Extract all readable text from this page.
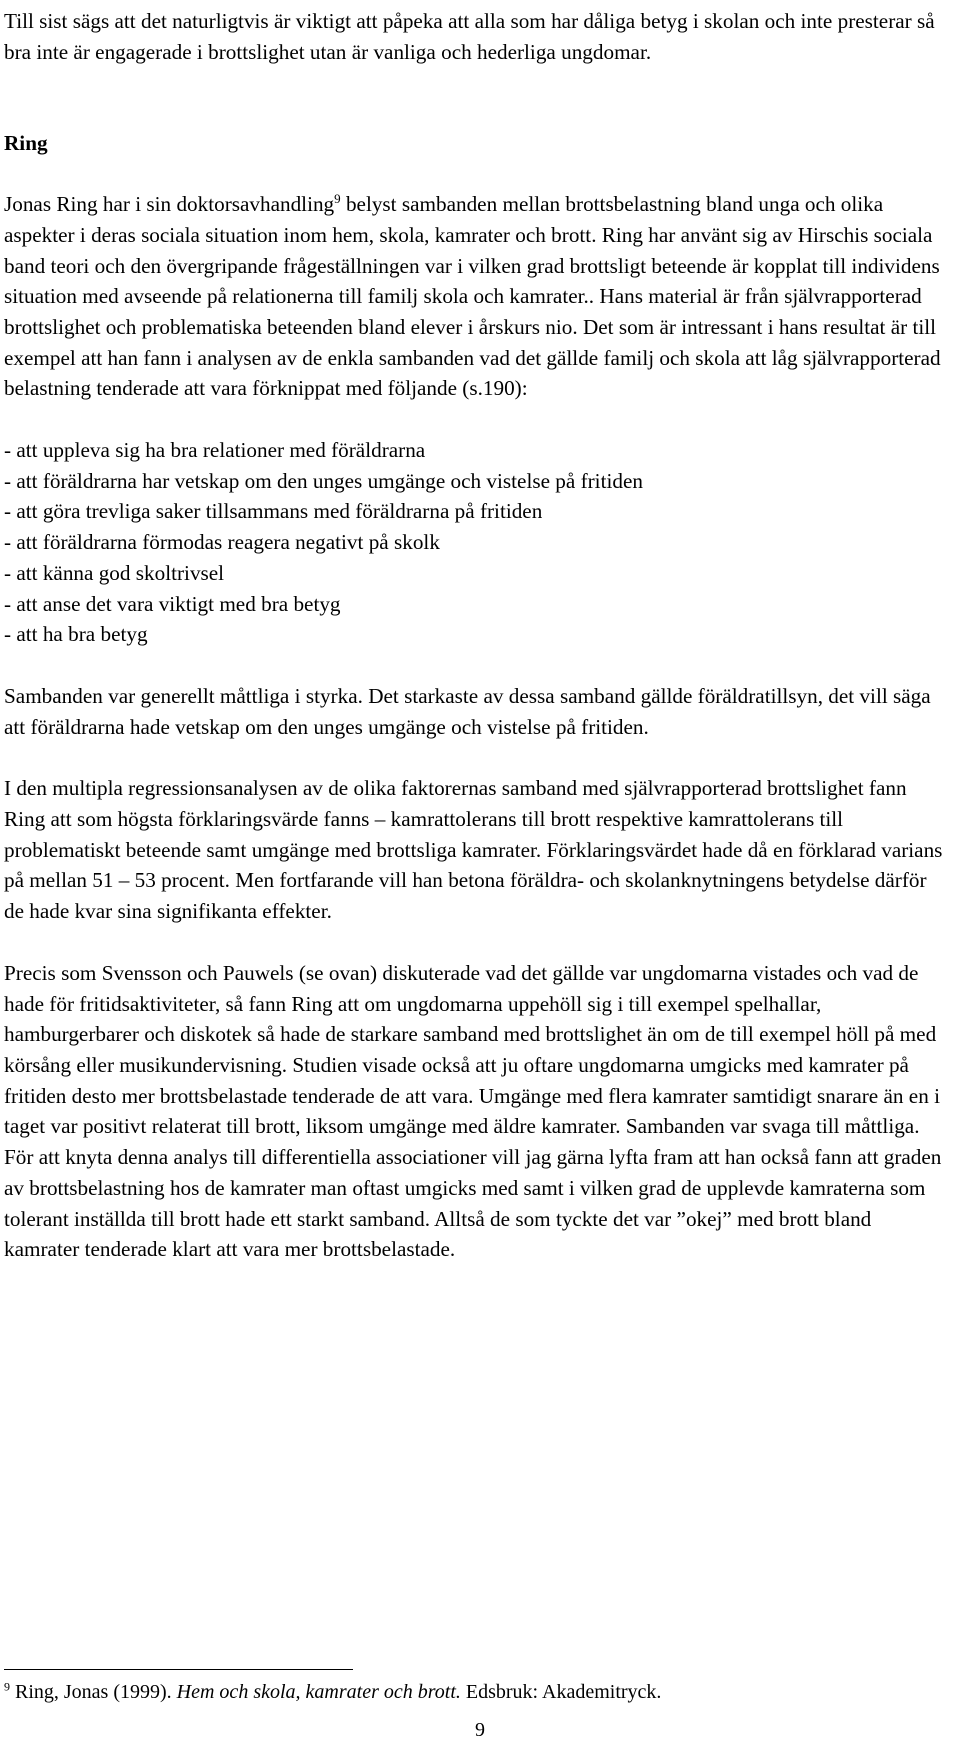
Till sist sägs att det naturligtvis är viktigt att påpeka att alla som har dåliga betyg i skolan och inte presterar så bra inte är engagerade i brottslighet utan är vanliga och hederliga ungdomar.

Ring

Jonas Ring har i sin doktorsavhandling$^9$ belyst sambanden mellan brottsbelastning bland unga och olika aspekter i deras sociala situation inom hem, skola, kamrater och brott. Ring har använt sig av Hirschis sociala band teori och den övergripande frågeställningen var i vilken grad brottsligt beteende är kopplat till individens situation med avseende på relationerna till familj skola och kamrater.. Hans material är från självrapporterad brottslighet och problematiska beteenden bland elever i årskurs nio. Det som är intressant i hans resultat är till exempel att han fann i analysen av de enkla sambanden vad det gällde familj och skola att låg självrapporterad belastning tenderade att vara förknippat med följande (s.190):

- att uppleva sig ha bra relationer med föräldrarna

- att föräldrarna har vetskap om den unges umgänge och vistelse på fritiden

- att göra trevliga saker tillsammans med föräldrarna på fritiden

- att föräldrarna förmodas reagera negativt på skolk

- att känna god skoltrivsel

- att anse det vara viktigt med bra betyg

- att ha bra betyg

Sambanden var generellt måttliga i styrka. Det starkaste av dessa samband gällde föräldratillsyn, det vill säga att föräldrarna hade vetskap om den unges umgänge och vistelse på fritiden.

I den multipla regressionsanalysen av de olika faktorernas samband med självrapporterad brottslighet fann Ring att som högsta förklaringsvärde fanns – kamrattolerans till brott respektive kamrattolerans till problematiskt beteende samt umgänge med brottsliga kamrater. Förklaringsvärdet hade då en förklarad varians på mellan 51 – 53 procent. Men fortfarande vill han betona föräldra- och skolanknytningens betydelse därför de hade kvar sina signifikanta effekter.

Precis som Svensson och Pauwels (se ovan) diskuterade vad det gällde var ungdomarna vistades och vad de hade för fritidsaktiviteter, så fann Ring att om ungdomarna uppehöll sig i till exempel spelhallar, hamburgerbarer och diskotek så hade de starkare samband med brottslighet än om de till exempel höll på med körsång eller musikundervisning. Studien visade också att ju oftare ungdomarna umgicks med kamrater på fritiden desto mer brottsbelastade tenderade de att vara. Umgänge med flera kamrater samtidigt snarare än en i taget var positivt relaterat till brott, liksom umgänge med äldre kamrater. Sambanden var svaga till måttliga. För att knyta denna analys till differentiella associationer vill jag gärna lyfta fram att han också fann att graden av brottsbelastning hos de kamrater man oftast umgicks med samt i vilken grad de upplevde kamraterna som tolerant inställda till brott hade ett starkt samband. Alltså de som tyckte det var ”okej” med brott bland kamrater tenderade klart att vara mer brottsbelastade.

$^9$ Ring, Jonas (1999). Hem och skola, kamrater och brott. Edsbruk: Akademitryck.
9
